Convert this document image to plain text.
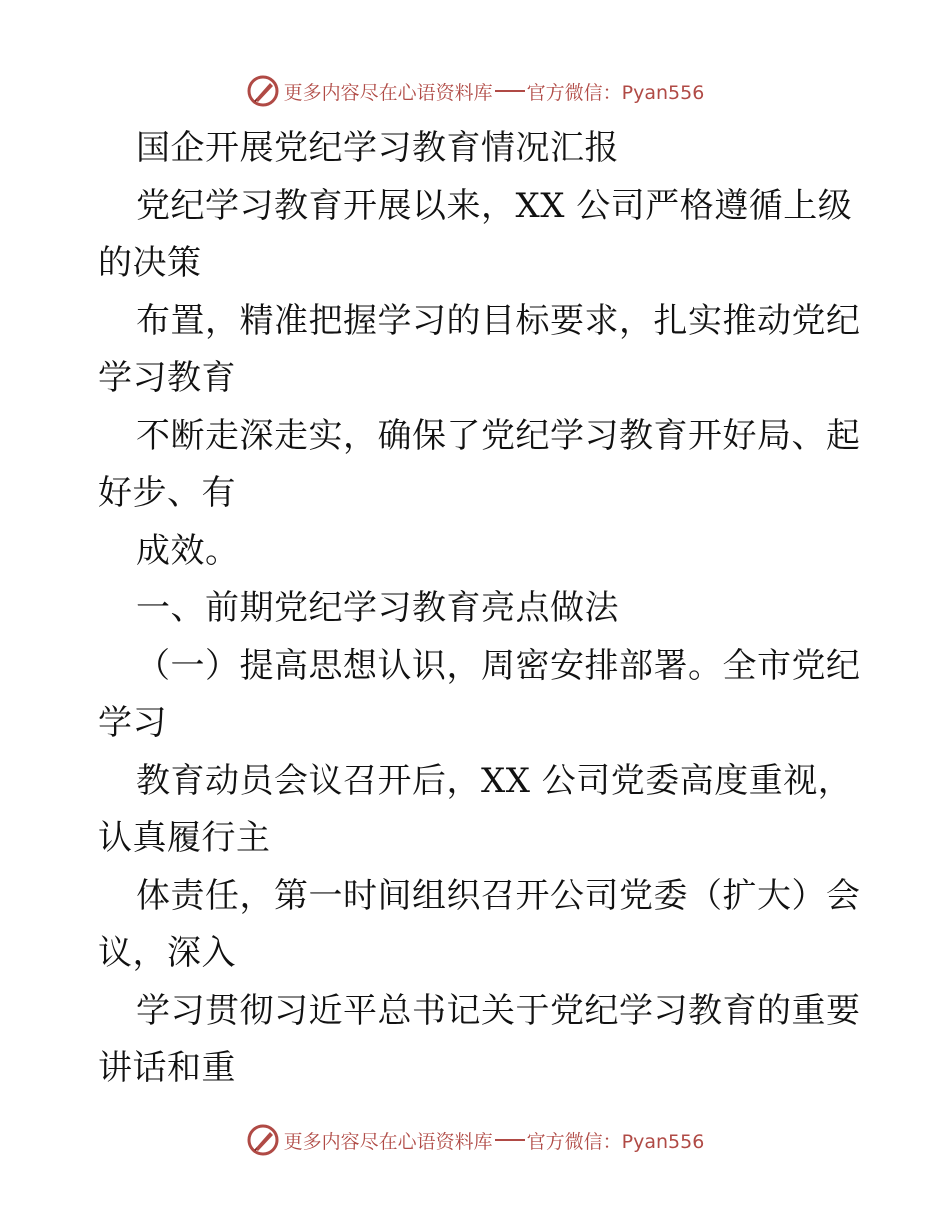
更多内容尽在心语资料库 官方微信：Pyan556
国企开展党纪学习教育情况汇报
党纪学习教育开展以来，XX 公司严格遵循上级
的决策
布置，精准把握学习的目标要求，扎实推动党纪
学习教育
不断走深走实，确保了党纪学习教育开好局、起
好步、有
成效。
一、前期党纪学习教育亮点做法
（一）提高思想认识，周密安排部署。全市党纪
学习
教育动员会议召开后，XX 公司党委高度重视，
认真履行主
体责任，第一时间组织召开公司党委（扩大）会
议，深入
学习贯彻习近平总书记关于党纪学习教育的重要
讲话和重
更多内容尽在心语资料库 官方微信：Pyan556
